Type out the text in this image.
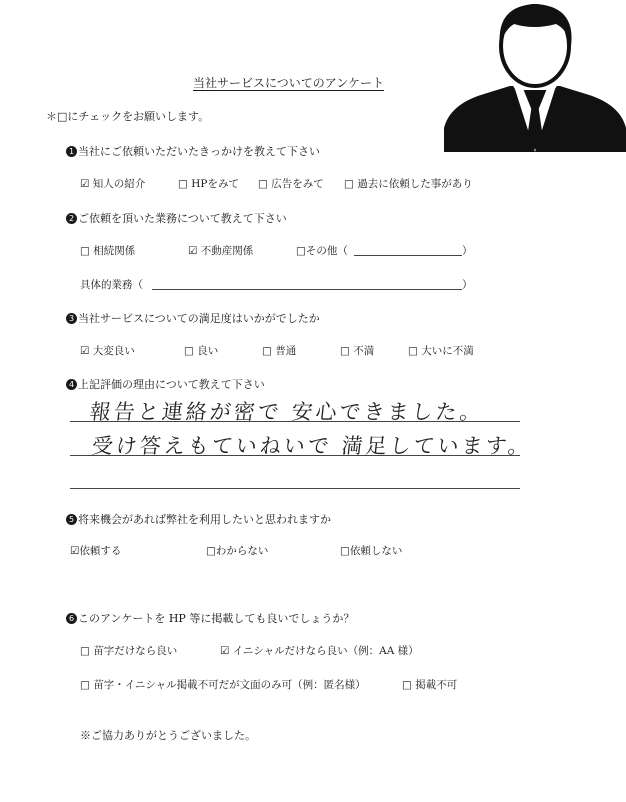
当社サービスについてのアンケート
＊□にチェックをお願いします。
1 当社にご依頼いただいたきっかけを教えて下さい
☑ 知人の紹介	□ HPをみて □ 広告をみて □ 過去に依頼した事があり
2 ご依頼を頂いた業務について教えて下さい
□ 相続関係	☑ 不動産関係	□その他（	）
具体的業務（	）
3 当社サービスについての満足度はいかがでしたか
☑ 大変良い	□ 良い	□ 普通	□ 不満	□ 大いに不満
4 上記評価の理由について教えて下さい
報告と連絡が密で 安心できました。
受け答えもていねいで 満足しています。
5 将来機会があれば弊社を利用したいと思われますか
☑依頼する	□わからない	□依頼しない
6 このアンケートを HP 等に掲載しても良いでしょうか？
□ 苗字だけなら良い	☑ イニシャルだけなら良い（例：AA 様）
□ 苗字・イニシャル掲載不可だが文面のみ可（例：匿名様）	□ 掲載不可
※ご協力ありがとうございました。
